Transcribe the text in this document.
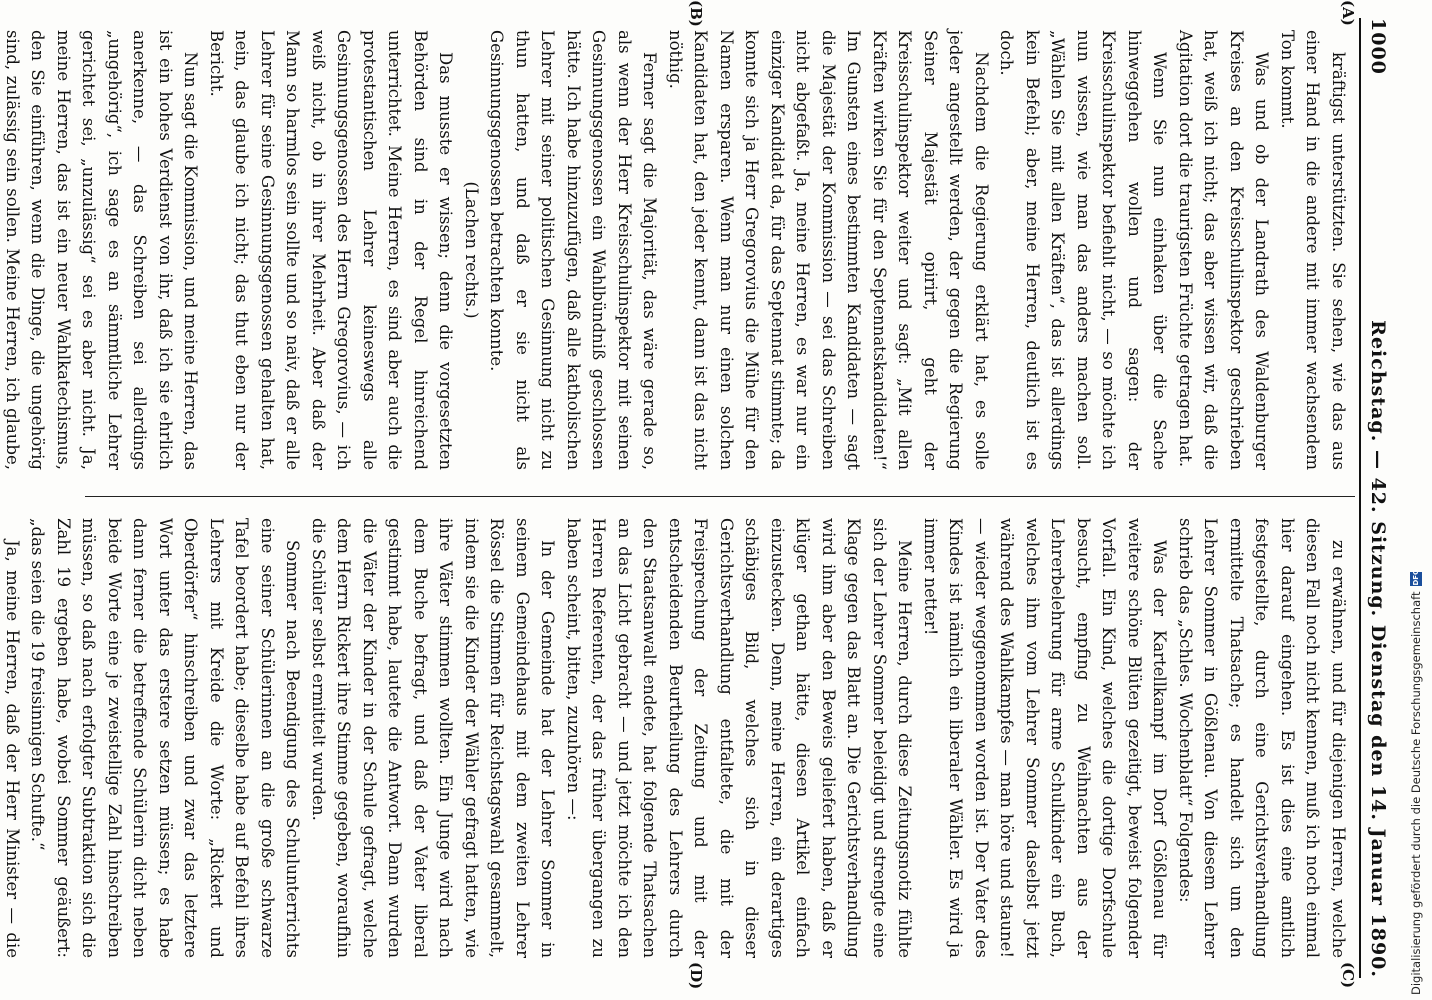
1000
Reichstag. — 42. Sitzung. Dienstag den 14. Januar 1890.
(A)
(B)
(C)
(D)

kräftigst unterstützten. Sie sehen, wie das aus einer Hand in die andere mit immer wachsendem Ton kommt.

Was und ob der Landrath des Waldenburger Kreises an den Kreisschulinspektor geschrieben hat, weiß ich nicht; das aber wissen wir, daß die Agitation dort die traurigsten Früchte getragen hat.

Wenn Sie nun einhaken über die Sache hinweggehen wollen und sagen: der Kreisschulinspektor befiehlt nicht, — so möchte ich nun wissen, wie man das anders machen soll. „Wählen Sie mit allen Kräften“, das ist allerdings kein Befehl; aber, meine Herren, deutlich ist es doch.

Nachdem die Regierung erklärt hat, es solle jeder angestellt werden, der gegen die Regierung Seiner Majestät opirirt, geht der Kreisschulinspektor weiter und sagt: „Mit allen Kräften wirken Sie für den Septennatskandidaten!“ Im Gunsten eines bestimmten Kandidaten — sagt die Majestät der Kommission — sei das Schreiben nicht abgefaßt. Ja, meine Herren, es war nur ein einziger Kandidat da, für das Septennat stimmte; da konnte sich ja Herr Gregorovius die Mühe für den Namen ersparen. Wenn man nur einen solchen Kandidaten hat, den jeder kennt, dann ist das nicht nöthig.

Ferner sagt die Majorität, das wäre gerade so, als wenn der Herr Kreisschulinspektor mit seinen Gesinnungsgenossen ein Wahlbündniß geschlossen hätte. Ich habe hinzuzufügen, daß alle katholischen Lehrer mit seiner politischen Gesinnung nicht zu thun hatten, und daß er sie nicht als Gesinnungsgenossen betrachten konnte.

(Lachen rechts.)

Das musste er wissen; denn die vorgesetzten Behörden sind in der Regel hinreichend unterrichtet. Meine Herren, es sind aber auch die protestantischen Lehrer keineswegs alle Gesinnungsgenossen des Herrn Gregorovius, — ich weiß nicht, ob in ihrer Mehrheit. Aber daß der Mann so harmlos sein sollte und so naiv, daß er alle Lehrer für seine Gesinnungsgenossen gehalten hat, nein, das glaube ich nicht; das thut eben nur der Bericht.

Nun sagt die Kommission, und meine Herren, das ist ein hohes Verdienst von ihr, daß ich sie ehrlich anerkenne, — das Schreiben sei allerdings „ungehörig“, ich sage es an sämmtliche Lehrer gerichtet sei, „unzulässig“ sei es aber nicht. Ja, meine Herren, das ist ein neuer Wahlkatechismus, den Sie einführen, wenn die Dinge, die ungehörig sind, zulässig sein sollen. Meine Herren, ich glaube,

zu erwähnen, und für diejenigen Herren, welche diesen Fall noch nicht kennen, muß ich noch einmal hier darauf eingehen. Es ist dies eine amtlich festgestellte, durch eine Gerichtsverhandlung ermittelte Thatsache; es handelt sich um den Lehrer Sommer in Gößlenau. Von diesem Lehrer schrieb das „Schles. Wochenblatt“ Folgendes:

Was der Kartellkampf im Dorf Gößlenau für weitere schöne Blüten gezeitigt, beweist folgender Vorfall. Ein Kind, welches die dortige Dorfschule besucht, empfing zu Weihnachten aus der Lehrerbelehrung für arme Schulkinder ein Buch, welches ihm vom Lehrer Sommer daselbst jetzt während des Wahlkampfes — man höre und staune! — wieder weggenommen worden ist. Der Vater des Kindes ist nämlich ein liberaler Wähler. Es wird ja immer netter!

Meine Herren, durch diese Zeitungsnotiz fühlte sich der Lehrer Sommer beleidigt und strengte eine Klage gegen das Blatt an. Die Gerichtsverhandlung wird ihm aber den Beweis geliefert haben, daß er klüger gethan hätte, diesen Artikel einfach einzustecken. Denn, meine Herren, ein derartiges schäbiges Bild, welches sich in dieser Gerichtsverhandlung entfaltete, die mit der Freisprechung der Zeitung und mit der entscheidenden Beurtheilung des Lehrers durch den Staatsanwalt endete, hat folgende Thatsachen an das Licht gebracht — und jetzt möchte ich den Herren Referenten, der das früher übergangen zu haben scheint, bitten, zuzuhören —:

In der Gemeinde hat der Lehrer Sommer in seinem Gemeindehaus mit dem zweiten Lehrer Rössel die Stimmen für Reichstagswahl gesammelt, indem sie die Kinder der Wähler gefragt hatten, wie ihre Väter stimmen wollten. Ein Junge wird nach dem Buche befragt, und daß der Vater liberal gestimmt habe, lautete die Antwort. Dann wurden die Väter der Kinder in der Schule gefragt, welche dem Herrn Rickert ihre Stimme gegeben, woraufhin die Schüler selbst ermittelt wurden.

Sommer nach Beendigung des Schulunterrichts eine seiner Schülerinnen an die große schwarze Tafel beordert habe; dieselbe habe auf Befehl ihres Lehrers mit Kreide die Worte: „Rickert und Oberdörfer“ hinschreiben und zwar das letztere Wort unter das erstere setzen müssen; es habe dann ferner die betreffende Schülerin dicht neben beide Worte eine je zweistellige Zahl hinschreiben müssen, so daß nach erfolgter Subtraktion sich die Zahl 19 ergeben habe, wobei Sommer geäußert: „das seien die 19 freisinnigen Schufte.“

Ja, meine Herren, daß der Herr Minister — die	Digitalisierung gefördert durch die Deutsche Forschungsgemeinschaft
DFG
